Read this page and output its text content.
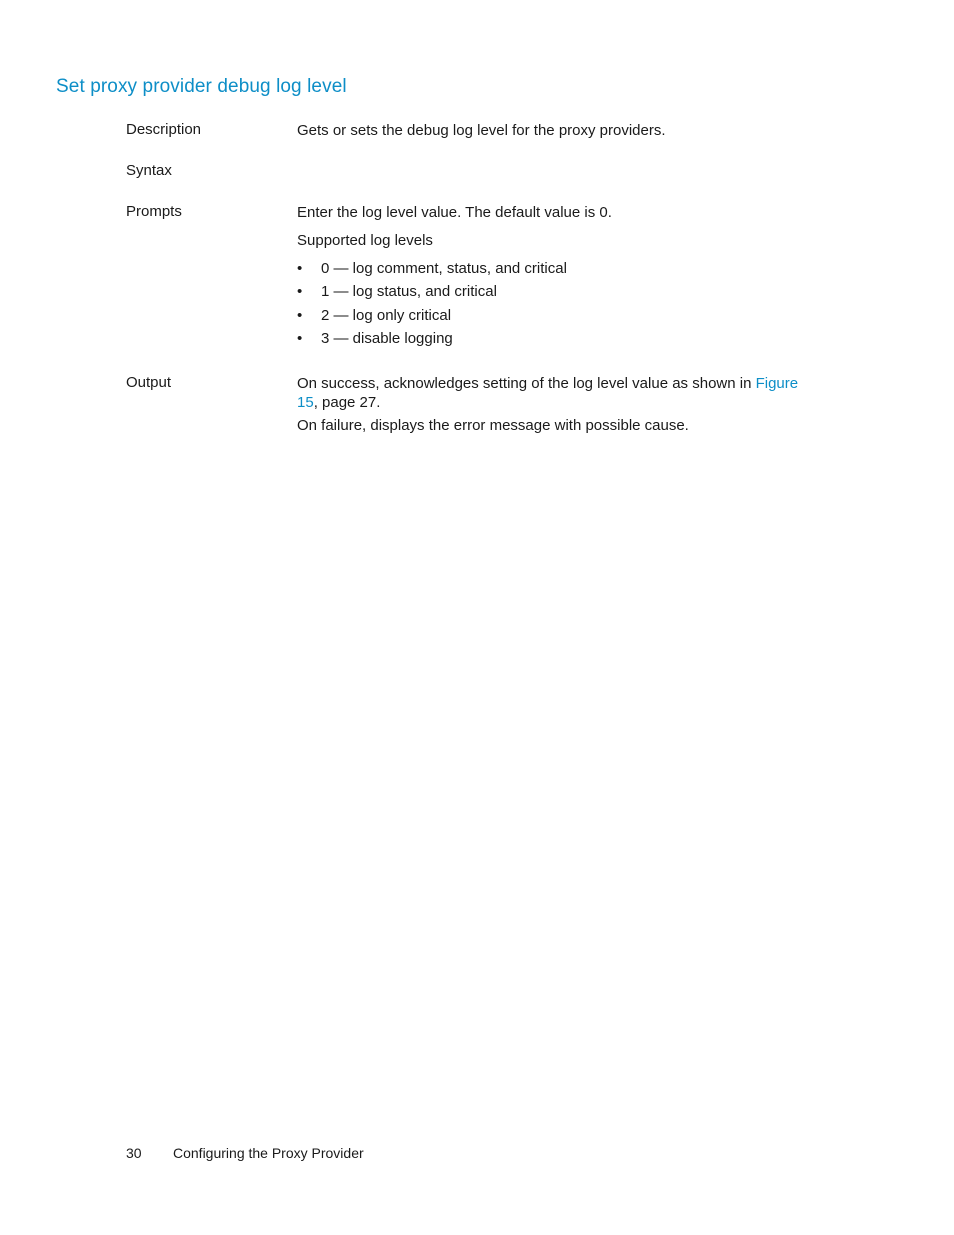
Set proxy provider debug log level
Description	Gets or sets the debug log level for the proxy providers.
Syntax
Prompts	Enter the log level value. The default value is 0.

Supported log levels

• 0 — log comment, status, and critical
• 1 — log status, and critical
• 2 — log only critical
• 3 — disable logging
Output	On success, acknowledges setting of the log level value as shown in Figure
15, page 27.

On failure, displays the error message with possible cause.

30 Configuring the Proxy Provider
